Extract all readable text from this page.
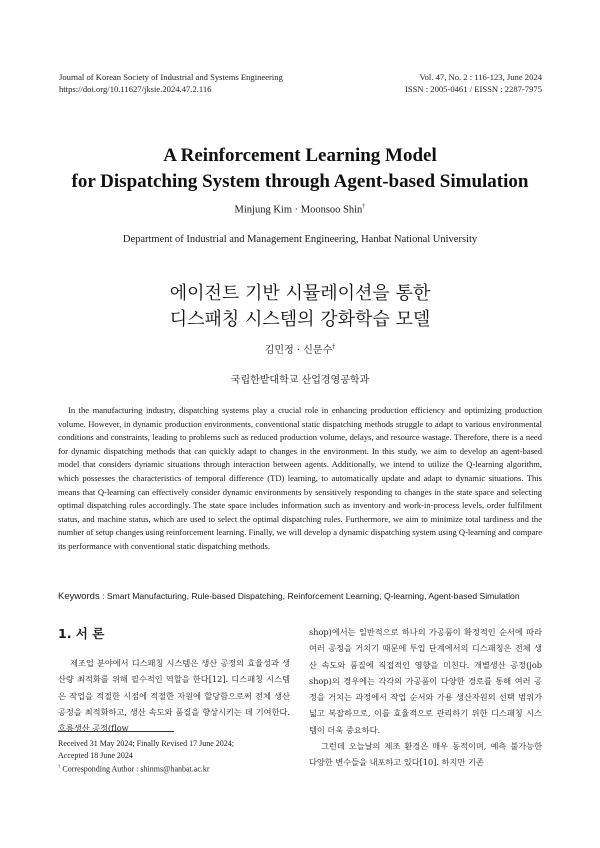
Journal of Korean Society of Industrial and Systems Engineering
https://doi.org/10.11627/jksie.2024.47.2.116
Vol. 47, No. 2 : 116-123, June 2024
ISSN : 2005-0461 / EISSN : 2287-7975
A Reinforcement Learning Model
for Dispatching System through Agent-based Simulation
Minjung Kim · Moonsoo Shin†
Department of Industrial and Management Engineering, Hanbat National University
에이전트 기반 시뮬레이션을 통한
디스패칭 시스템의 강화학습 모델
김민정 · 신문수†
국립한밭대학교 산업경영공학과
In the manufacturing industry, dispatching systems play a crucial role in enhancing production efficiency and optimizing production volume. However, in dynamic production environments, conventional static dispatching methods struggle to adapt to various environmental conditions and constraints, leading to problems such as reduced production volume, delays, and resource wastage. Therefore, there is a need for dynamic dispatching methods that can quickly adapt to changes in the environment. In this study, we aim to develop an agent-based model that considers dynamic situations through interaction between agents. Additionally, we intend to utilize the Q-learning algorithm, which possesses the characteristics of temporal difference (TD) learning, to automatically update and adapt to dynamic situations. This means that Q-learning can effectively consider dynamic environments by sensitively responding to changes in the state space and selecting optimal dispatching rules accordingly. The state space includes information such as inventory and work-in-process levels, order fulfilment status, and machine status, which are used to select the optimal dispatching rules. Furthermore, we aim to minimize total tardiness and the number of setup changes using reinforcement learning. Finally, we will develop a dynamic dispatching system using Q-learning and compare its performance with conventional static dispatching methods.
Keywords : Smart Manufacturing, Rule-based Dispatching, Reinforcement Learning, Q-learning, Agent-based Simulation
1. 서 론

제조업 분야에서 디스패칭 시스템은 생산 공정의 효율성과 생산량 최적화를 위해 필수적인 역할을 한다[12]. 디스패칭 시스템은 작업을 적절한 시점에 적절한 자원에 할당함으로써 전체 생산 공정을 최적화하고, 생산 속도와 품질을 향상시키는 데 기여한다. 흐름생산 공정(flow

Received 31 May 2024; Finally Revised 17 June 2024;
Accepted 18 June 2024
† Corresponding Author : shinms@hanbat.ac.kr

shop)에서는 일반적으로 하나의 가공품이 확정적인 순서에 따라 여러 공정을 거치기 때문에 투입 단계에서의 디스패칭은 전체 생산 속도와 품질에 직접적인 영향을 미친다. 개별생산 공정(job shop)의 경우에는 각각의 가공품이 다양한 경로를 통해 여러 공정을 거치는 과정에서 작업 순서와 가용 생산자원의 선택 범위가 넓고 복잡하므로, 이를 효율적으로 관리하기 위한 디스패칭 시스템이 더욱 중요하다.

그런데 오늘날의 제조 환경은 매우 동적이며, 예측 불가능한 다양한 변수들을 내포하고 있다[10]. 하지만 기존
